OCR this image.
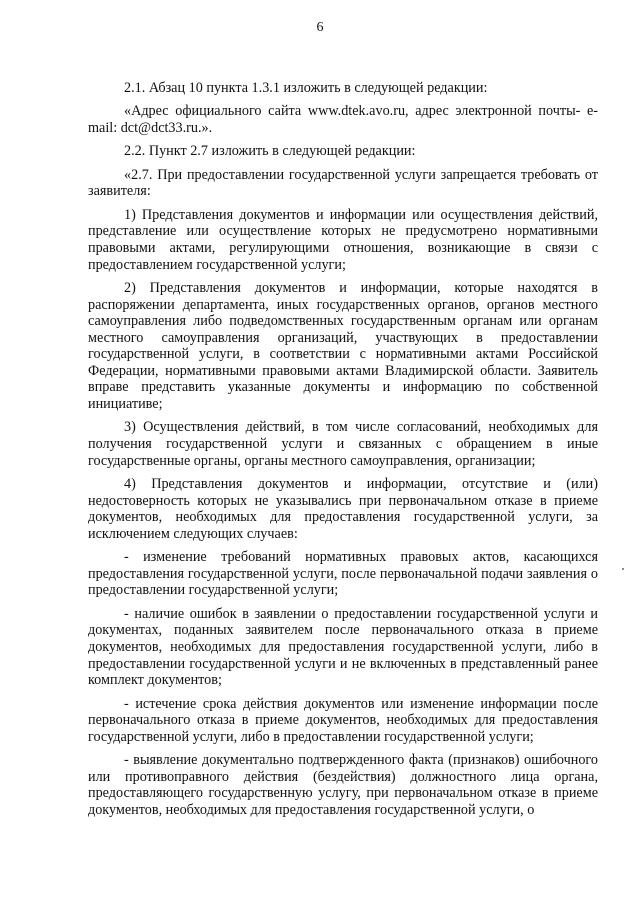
6

2.1. Абзац 10 пункта 1.3.1 изложить в следующей редакции:

«Адрес официального сайта www.dtek.avo.ru, адрес электронной почты- e-mail: dct@dct33.ru.».

2.2. Пункт 2.7 изложить в следующей редакции:

«2.7. При предоставлении государственной услуги запрещается требовать от заявителя:

1) Представления документов и информации или осуществления действий, представление или осуществление которых не предусмотрено нормативными правовыми актами, регулирующими отношения, возникающие в связи с предоставлением государственной услуги;

2) Представления документов и информации, которые находятся в распоряжении департамента, иных государственных органов, органов местного самоуправления либо подведомственных государственным органам или органам местного самоуправления организаций, участвующих в предоставлении государственной услуги, в соответствии с нормативными актами Российской Федерации, нормативными правовыми актами Владимирской области. Заявитель вправе представить указанные документы и информацию по собственной инициативе;

3) Осуществления действий, в том числе согласований, необходимых для получения государственной услуги и связанных с обращением в иные государственные органы, органы местного самоуправления, организации;

4) Представления документов и информации, отсутствие и (или) недостоверность которых не указывались при первоначальном отказе в приеме документов, необходимых для предоставления государственной услуги, за исключением следующих случаев:

- изменение требований нормативных правовых актов, касающихся предоставления государственной услуги, после первоначальной подачи заявления о предоставлении государственной услуги;

- наличие ошибок в заявлении о предоставлении государственной услуги и документах, поданных заявителем после первоначального отказа в приеме документов, необходимых для предоставления государственной услуги, либо в предоставлении государственной услуги и не включенных в представленный ранее комплект документов;

- истечение срока действия документов или изменение информации после первоначального отказа в приеме документов, необходимых для предоставления государственной услуги, либо в предоставлении государственной услуги;

- выявление документально подтвержденного факта (признаков) ошибочного или противоправного действия (бездействия) должностного лица органа, предоставляющего государственную услугу, при первоначальном отказе в приеме документов, необходимых для предоставления государственной услуги, о
